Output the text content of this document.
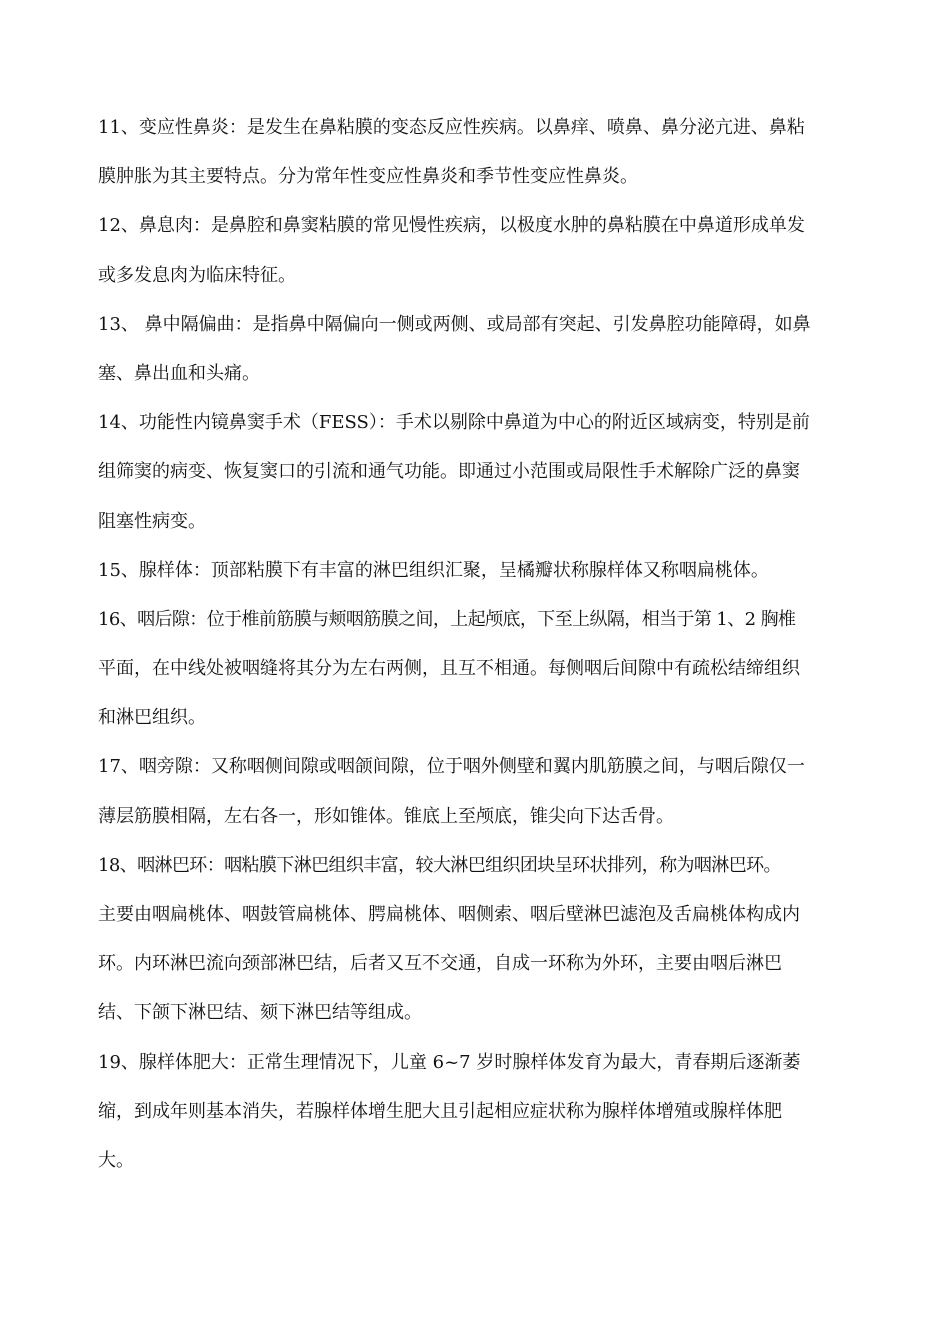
11、变应性鼻炎：是发生在鼻粘膜的变态反应性疾病。以鼻痒、喷鼻、鼻分泌亢进、鼻粘
膜肿胀为其主要特点。分为常年性变应性鼻炎和季节性变应性鼻炎。
12、鼻息肉：是鼻腔和鼻窦粘膜的常见慢性疾病，以极度水肿的鼻粘膜在中鼻道形成单发
或多发息肉为临床特征。
13、 鼻中隔偏曲：是指鼻中隔偏向一侧或两侧、或局部有突起、引发鼻腔功能障碍，如鼻
塞、鼻出血和头痛。
14、功能性内镜鼻窦手术（FESS）：手术以剔除中鼻道为中心的附近区域病变，特别是前
组筛窦的病变、恢复窦口的引流和通气功能。即通过小范围或局限性手术解除广泛的鼻窦
阻塞性病变。
15、腺样体：顶部粘膜下有丰富的淋巴组织汇聚，呈橘瓣状称腺样体又称咽扁桃体。
16、咽后隙：位于椎前筋膜与颊咽筋膜之间，上起颅底，下至上纵隔，相当于第 1、2 胸椎
平面，在中线处被咽缝将其分为左右两侧，且互不相通。每侧咽后间隙中有疏松结缔组织
和淋巴组织。
17、咽旁隙：又称咽侧间隙或咽颌间隙，位于咽外侧壁和翼内肌筋膜之间，与咽后隙仅一
薄层筋膜相隔，左右各一，形如锥体。锥底上至颅底，锥尖向下达舌骨。
18、咽淋巴环：咽粘膜下淋巴组织丰富，较大淋巴组织团块呈环状排列，称为咽淋巴环。
主要由咽扁桃体、咽鼓管扁桃体、腭扁桃体、咽侧索、咽后壁淋巴滤泡及舌扁桃体构成内
环。内环淋巴流向颈部淋巴结，后者又互不交通，自成一环称为外环，主要由咽后淋巴
结、下颌下淋巴结、颏下淋巴结等组成。
19、腺样体肥大：正常生理情况下，儿童 6~7 岁时腺样体发育为最大，青春期后逐渐萎
缩，到成年则基本消失，若腺样体增生肥大且引起相应症状称为腺样体增殖或腺样体肥
大。
